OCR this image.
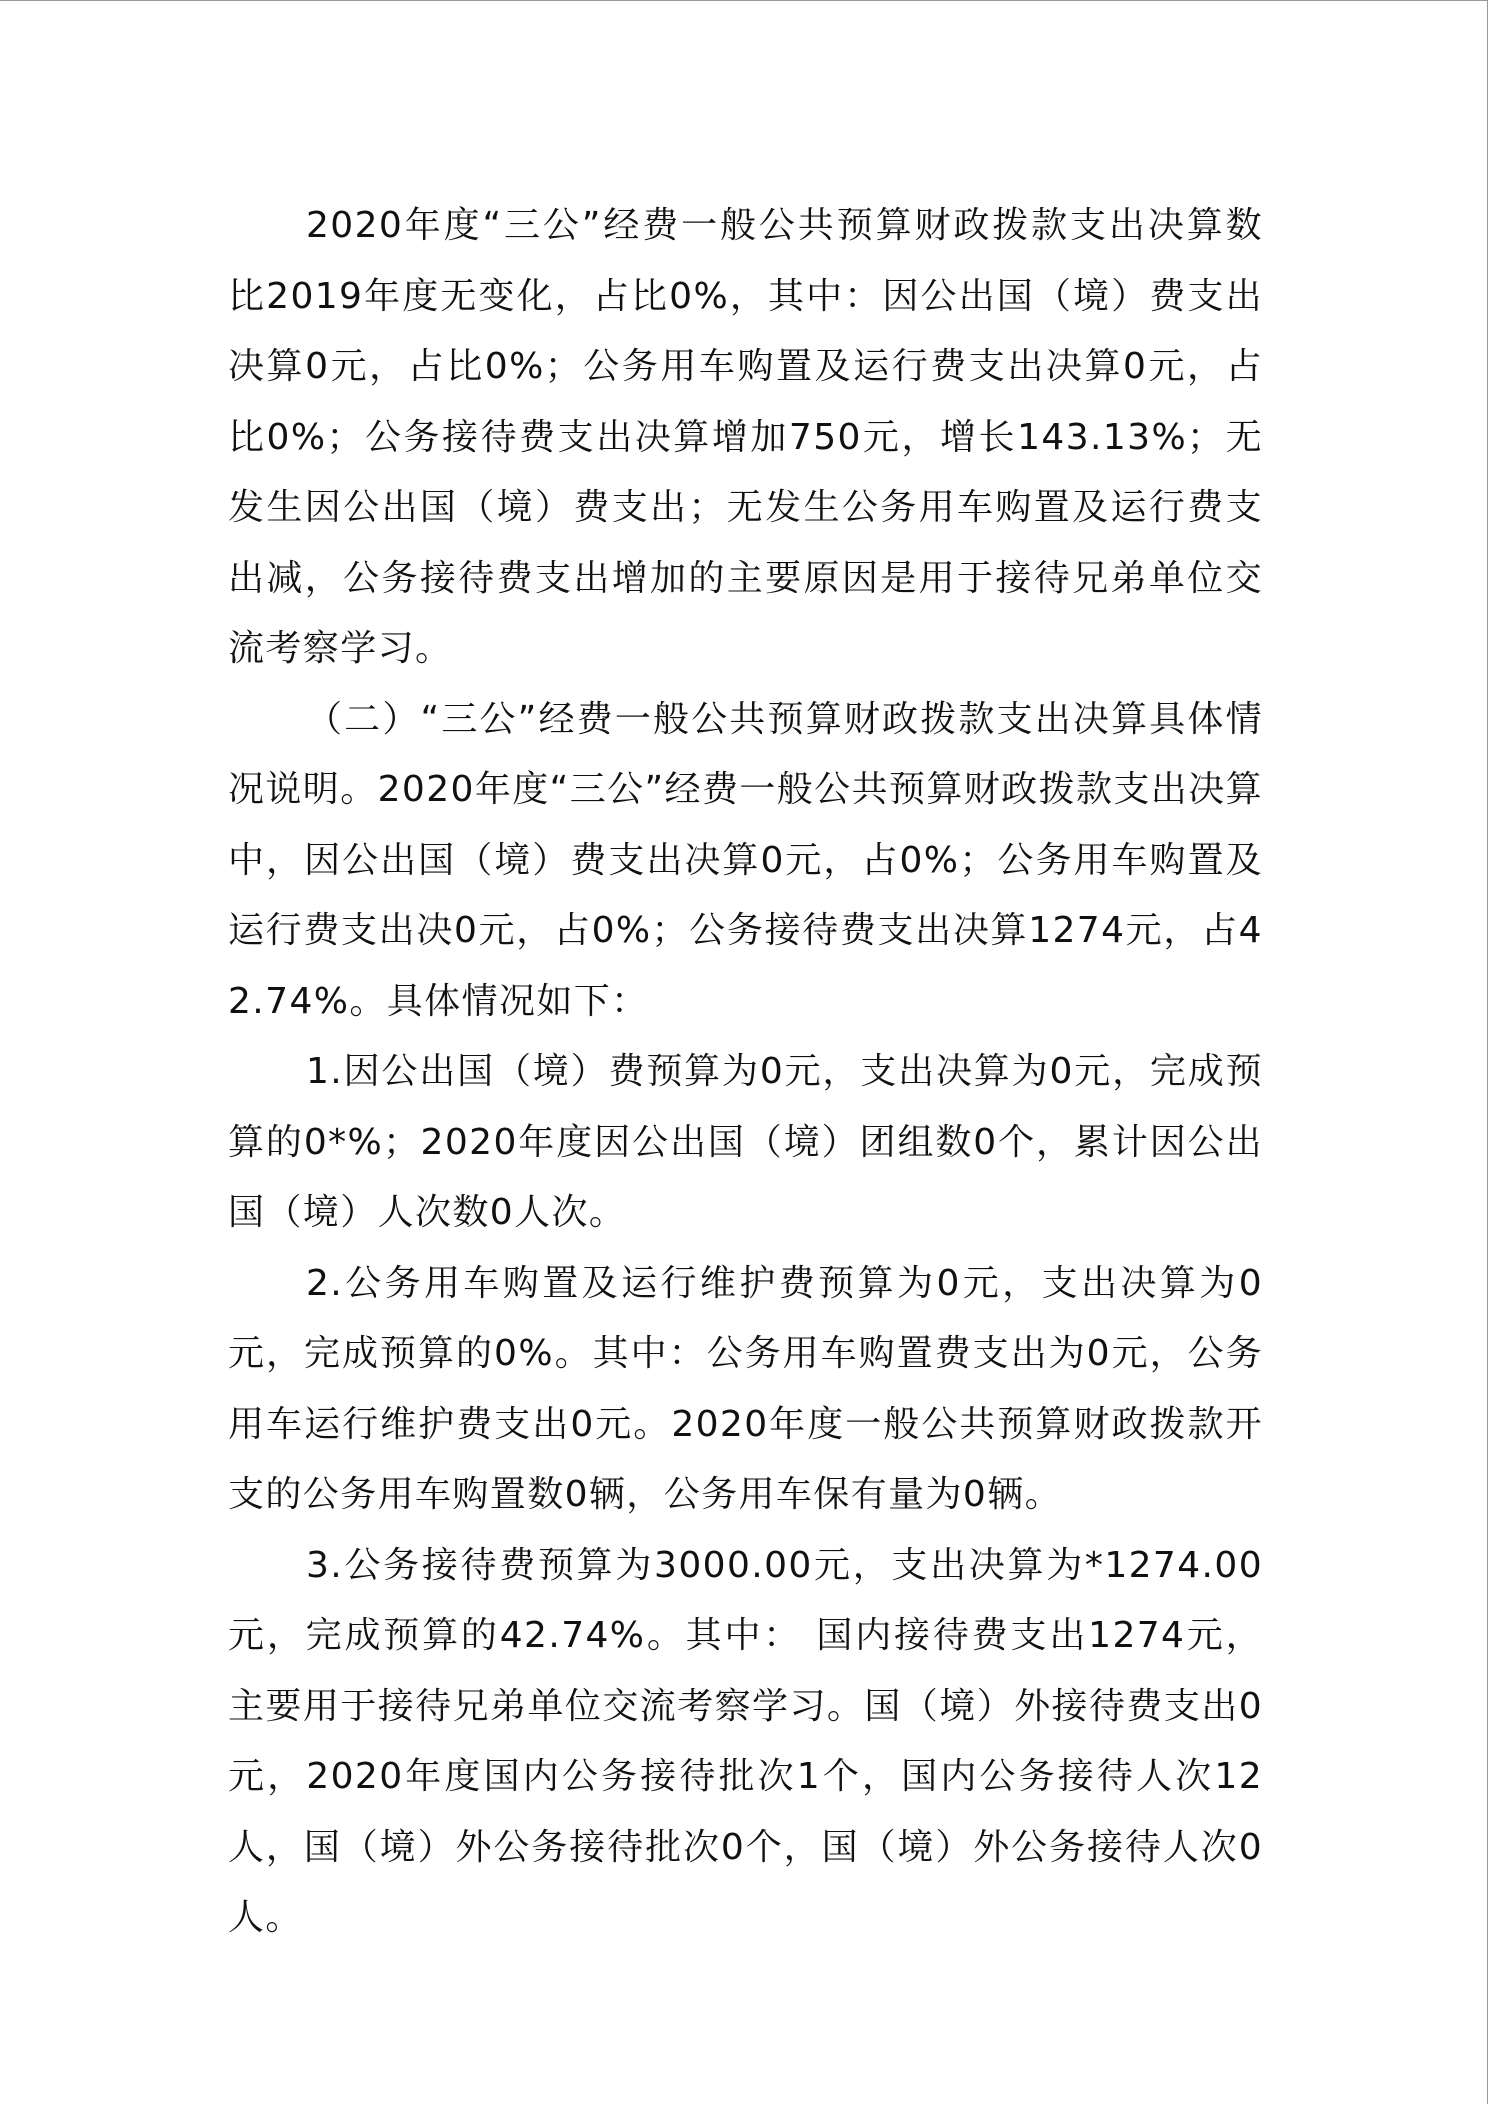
2020年度“三公”经费一般公共预算财政拨款支出决算数比2019年度无变化，占比0%，其中：因公出国（境）费支出决算0元，占比0%；公务用车购置及运行费支出决算0元，占比0%；公务接待费支出决算增加750元，增长143.13%；无发生因公出国（境）费支出；无发生公务用车购置及运行费支出减，公务接待费支出增加的主要原因是用于接待兄弟单位交流考察学习。

（二）“三公”经费一般公共预算财政拨款支出决算具体情况说明。2020年度“三公”经费一般公共预算财政拨款支出决算中，因公出国（境）费支出决算0元，占0%；公务用车购置及运行费支出决0元，占0%；公务接待费支出决算1274元，占42.74%。具体情况如下：

1.因公出国（境）费预算为0元，支出决算为0元，完成预算的0*%；2020年度因公出国（境）团组数0个，累计因公出国（境）人次数0人次。

2.公务用车购置及运行维护费预算为0元，支出决算为0元，完成预算的0%。其中：公务用车购置费支出为0元，公务用车运行维护费支出0元。2020年度一般公共预算财政拨款开支的公务用车购置数0辆，公务用车保有量为0辆。

3.公务接待费预算为3000.00元，支出决算为*1274.00元，完成预算的42.74%。其中： 国内接待费支出1274元，主要用于接待兄弟单位交流考察学习。国（境）外接待费支出0元，2020年度国内公务接待批次1个，国内公务接待人次12人，国（境）外公务接待批次0个，国（境）外公务接待人次0人。
